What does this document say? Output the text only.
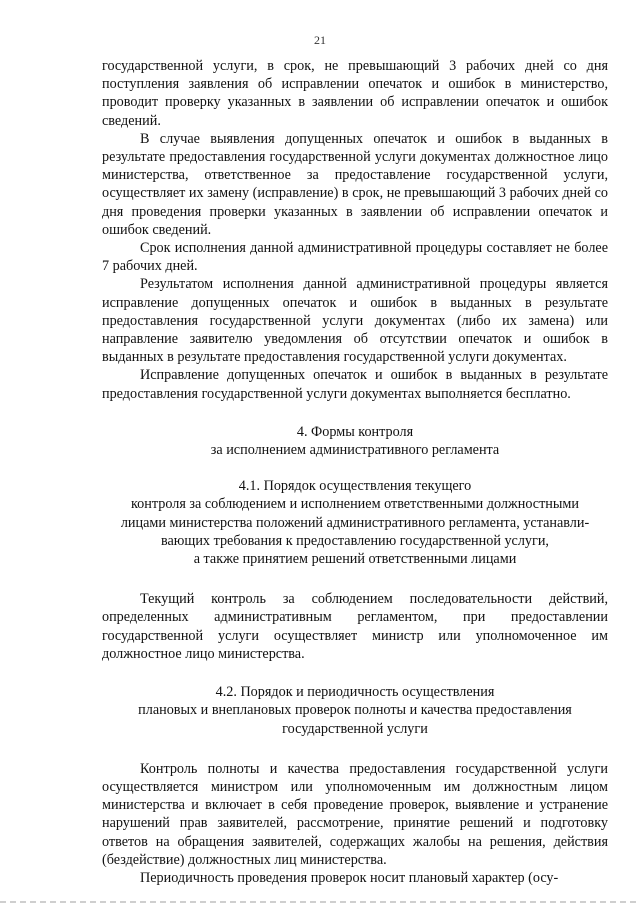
21

государственной услуги, в срок, не превышающий 3 рабочих дней со дня поступления заявления об исправлении опечаток и ошибок в министерство, проводит проверку указанных в заявлении об исправлении опечаток и ошибок сведений.

В случае выявления допущенных опечаток и ошибок в выданных в результате предоставления государственной услуги документах должностное лицо министерства, ответственное за предоставление государственной услуги, осуществляет их замену (исправление) в срок, не превышающий 3 рабочих дней со дня проведения проверки указанных в заявлении об исправлении опечаток и ошибок сведений.

Срок исполнения данной административной процедуры составляет не более 7 рабочих дней.

Результатом исполнения данной административной процедуры является исправление допущенных опечаток и ошибок в выданных в результате предоставления государственной услуги документах (либо их замена) или направление заявителю уведомления об отсутствии опечаток и ошибок в выданных в результате предоставления государственной услуги документах.

Исправление допущенных опечаток и ошибок в выданных в результате предоставления государственной услуги документах выполняется бесплатно.

4. Формы контроля

за исполнением административного регламента

4.1. Порядок осуществления текущего

контроля за соблюдением и исполнением ответственными должностными

лицами министерства положений административного регламента, устанавли-

вающих требования к предоставлению государственной услуги,

а также принятием решений ответственными лицами

Текущий контроль за соблюдением последовательности действий, определенных административным регламентом, при предоставлении государственной услуги осуществляет министр или уполномоченное им должностное лицо министерства.

4.2. Порядок и периодичность осуществления

плановых и внеплановых проверок полноты и качества предоставления

государственной услуги

Контроль полноты и качества предоставления государственной услуги осуществляется министром или уполномоченным им должностным лицом министерства и включает в себя проведение проверок, выявление и устранение нарушений прав заявителей, рассмотрение, принятие решений и подготовку ответов на обращения заявителей, содержащих жалобы на решения, действия (бездействие) должностных лиц министерства.

Периодичность проведения проверок носит плановый характер (осу-
